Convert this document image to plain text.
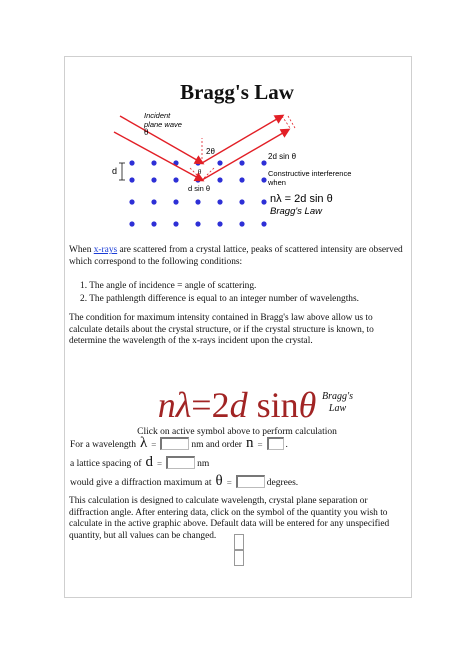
Bragg's Law
d
Incident
plane wave
θ
2θ
θ
d sin θ
2d sin θ
Constructive interference
when
nλ = 2d sin θ
Bragg's Law
When x-rays are scattered from a crystal lattice, peaks of scattered intensity are observed which correspond to the following conditions:
1. The angle of incidence = angle of scattering.
2. The pathlength difference is equal to an integer number of wavelengths.
The condition for maximum intensity contained in Bragg's law above allow us to calculate details about the crystal structure, or if the crystal structure is known, to determine the wavelength of the x-rays incident upon the crystal.
nλ=2d sinθ Bragg's
Law
Click on active symbol above to perform calculation
For a wavelength λ =	nm and order n = .
a lattice spacing of d =	nm
would give a diffraction maximum at θ =	degrees.
This calculation is designed to calculate wavelength, crystal plane separation or diffraction angle. After entering data, click on the symbol of the quantity you wish to calculate in the active graphic above. Default data will be entered for any unspecified quantity, but all values can be changed.
